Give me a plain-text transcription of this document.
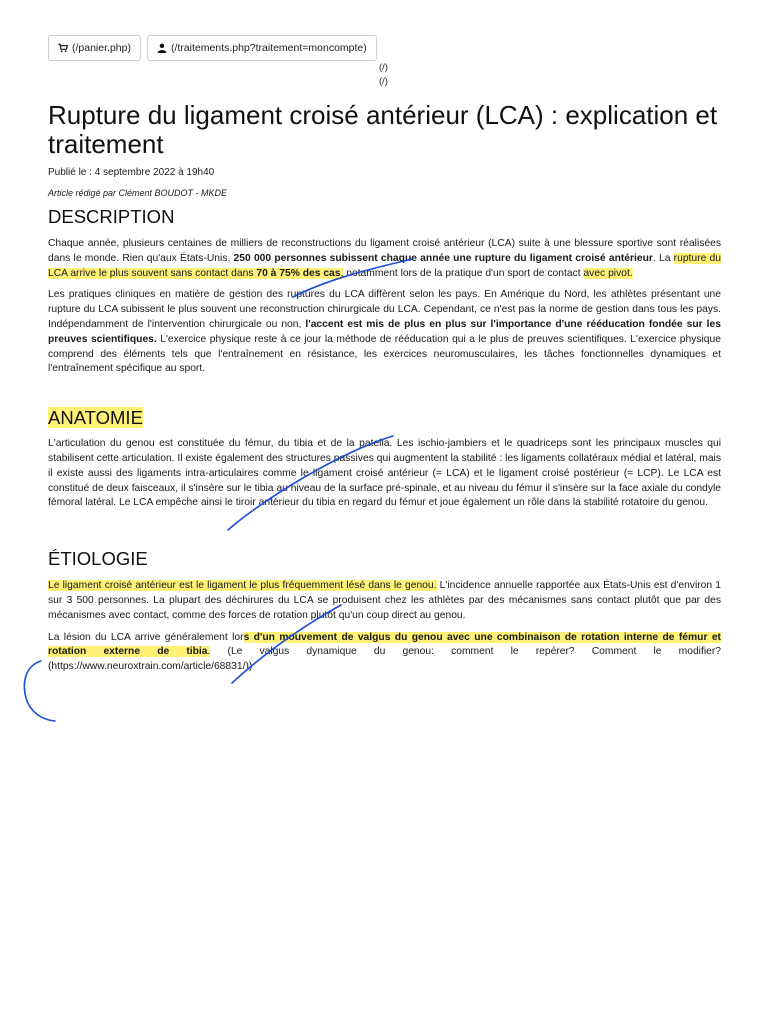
(/panier.php)	(/traitements.php?traitement=moncompte)
(/)
(/)
Rupture du ligament croisé antérieur (LCA) : explication et traitement
Publié le : 4 septembre 2022 à 19h40
Article rédigé par Clément BOUDOT - MKDE
DESCRIPTION

Chaque année, plusieurs centaines de milliers de reconstructions du ligament croisé antérieur (LCA) suite à une blessure sportive sont réalisées dans le monde. Rien qu'aux États-Unis, 250 000 personnes subissent chaque année une rupture du ligament croisé antérieur. La rupture du LCA arrive le plus souvent sans contact dans 70 à 75% des cas, notamment lors de la pratique d'un sport de contact avec pivot.

Les pratiques cliniques en matière de gestion des ruptures du LCA diffèrent selon les pays. En Amérique du Nord, les athlètes présentant une rupture du LCA subissent le plus souvent une reconstruction chirurgicale du LCA. Cependant, ce n'est pas la norme de gestion dans tous les pays. Indépendamment de l'intervention chirurgicale ou non, l'accent est mis de plus en plus sur l'importance d'une rééducation fondée sur les preuves scientifiques. L'exercice physique reste à ce jour la méthode de rééducation qui a le plus de preuves scientifiques. L'exercice physique comprend des éléments tels que l'entraînement en résistance, les exercices neuromusculaires, les tâches fonctionnelles dynamiques et l'entraînement spécifique au sport.

ANATOMIE

L'articulation du genou est constituée du fémur, du tibia et de la patella. Les ischio-jambiers et le quadriceps sont les principaux muscles qui stabilisent cette articulation. Il existe également des structures passives qui augmentent la stabilité : les ligaments collatéraux médial et latéral, mais il existe aussi des ligaments intra-articulaires comme le ligament croisé antérieur (= LCA) et le ligament croisé postérieur (= LCP). Le LCA est constitué de deux faisceaux, il s'insère sur le tibia au niveau de la surface pré-spinale, et au niveau du fémur il s'insère sur la face axiale du condyle fémoral latéral. Le LCA empêche ainsi le tiroir antérieur du tibia en regard du fémur et joue également un rôle dans la stabilité rotatoire du genou.

ÉTIOLOGIE

Le ligament croisé antérieur est le ligament le plus fréquemment lésé dans le genou. L'incidence annuelle rapportée aux États-Unis est d'environ 1 sur 3 500 personnes. La plupart des déchirures du LCA se produisent chez les athlètes par des mécanismes sans contact plutôt que par des mécanismes avec contact, comme des forces de rotation plutôt qu'un coup direct au genou.

La lésion du LCA arrive généralement lors d'un mouvement de valgus du genou avec une combinaison de rotation interne de fémur et rotation externe de tibia. (Le valgus dynamique du genou: comment le repérer? Comment le modifier? (https://www.neuroxtrain.com/article/68831/))
